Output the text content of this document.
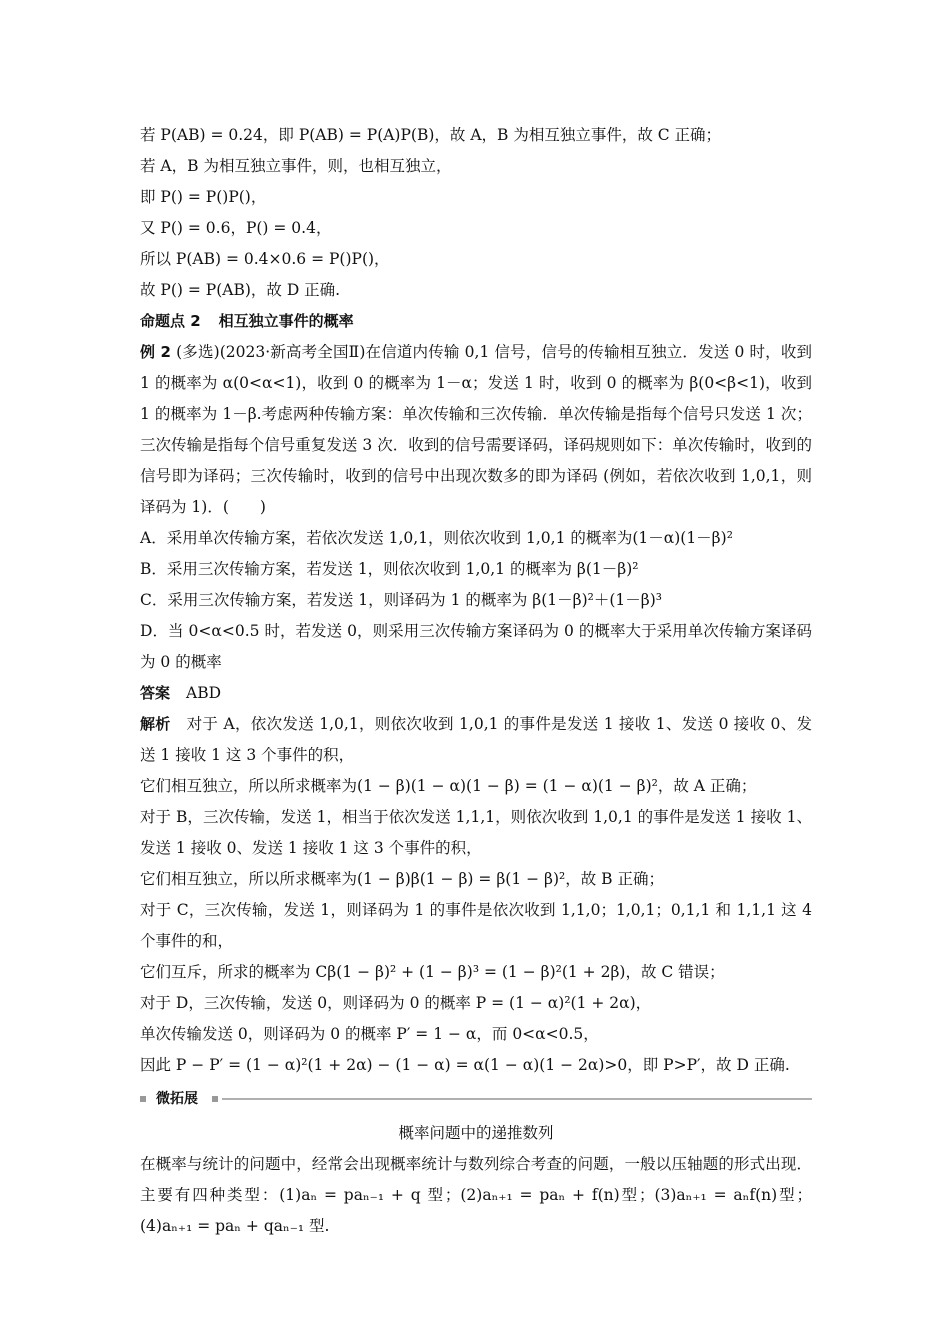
若 P(AB) = 0.24，即 P(AB) = P(A)P(B)，故 A，B 为相互独立事件，故 C 正确；
若 A，B 为相互独立事件，则，也相互独立，
即 P() = P()P()，
又 P() = 0.6，P() = 0.4，
所以 P(AB) = 0.4×0.6 = P()P()，
故 P() = P(AB)，故 D 正确.
命题点 2 相互独立事件的概率
例 2 (多选)(2023·新高考全国Ⅱ)在信道内传输 0,1 信号，信号的传输相互独立．发送 0 时，收到 1 的概率为 α(0<α<1)，收到 0 的概率为 1－α；发送 1 时，收到 0 的概率为 β(0<β<1)，收到 1 的概率为 1－β.考虑两种传输方案：单次传输和三次传输．单次传输是指每个信号只发送 1 次；三次传输是指每个信号重复发送 3 次．收到的信号需要译码，译码规则如下：单次传输时，收到的信号即为译码；三次传输时，收到的信号中出现次数多的即为译码 (例如，若依次收到 1,0,1，则译码为 1)．(　　)
A．采用单次传输方案，若依次发送 1,0,1，则依次收到 1,0,1 的概率为(1－α)(1－β)²
B．采用三次传输方案，若发送 1，则依次收到 1,0,1 的概率为 β(1－β)²
C．采用三次传输方案，若发送 1，则译码为 1 的概率为 β(1－β)²＋(1－β)³
D．当 0<α<0.5 时，若发送 0，则采用三次传输方案译码为 0 的概率大于采用单次传输方案译码为 0 的概率
答案 ABD
解析 对于 A，依次发送 1,0,1，则依次收到 1,0,1 的事件是发送 1 接收 1、发送 0 接收 0、发送 1 接收 1 这 3 个事件的积，
它们相互独立，所以所求概率为(1 − β)(1 − α)(1 − β) = (1 − α)(1 − β)²，故 A 正确；
对于 B，三次传输，发送 1，相当于依次发送 1,1,1，则依次收到 1,0,1 的事件是发送 1 接收 1、发送 1 接收 0、发送 1 接收 1 这 3 个事件的积，
它们相互独立，所以所求概率为(1 − β)β(1 − β) = β(1 − β)²，故 B 正确；
对于 C，三次传输，发送 1，则译码为 1 的事件是依次收到 1,1,0；1,0,1；0,1,1 和 1,1,1 这 4 个事件的和，
它们互斥，所求的概率为 Cβ(1 − β)² + (1 − β)³ = (1 − β)²(1 + 2β)，故 C 错误；
对于 D，三次传输，发送 0，则译码为 0 的概率 P = (1 − α)²(1 + 2α)，
单次传输发送 0，则译码为 0 的概率 P′ = 1 − α，而 0<α<0.5，
因此 P − P′ = (1 − α)²(1 + 2α) − (1 − α) = α(1 − α)(1 − 2α)>0，即 P>P′，故 D 正确.
微拓展
概率问题中的递推数列
在概率与统计的问题中，经常会出现概率统计与数列综合考查的问题，一般以压轴题的形式出现．主要有四种类型：(1)aₙ = paₙ₋₁ + q 型；(2)aₙ₊₁ = paₙ + f(n)型；(3)aₙ₊₁ = aₙf(n)型；(4)aₙ₊₁ = paₙ + qaₙ₋₁ 型.
